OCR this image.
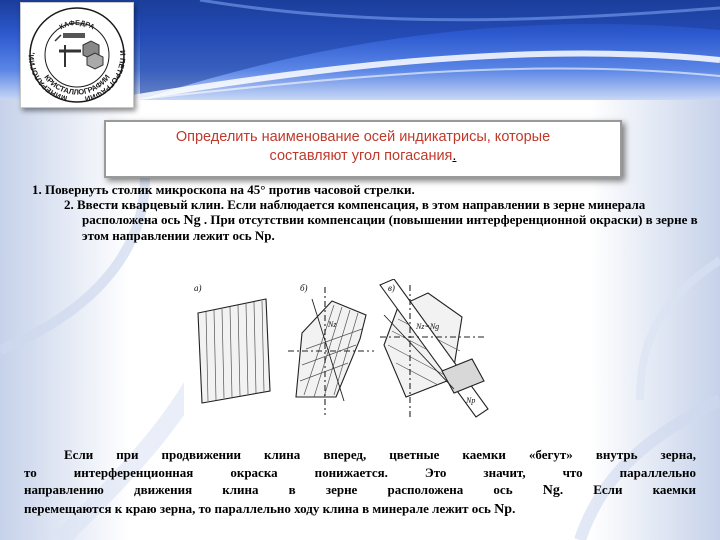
КАФЕДРА
МИНЕРАЛОГИИ,	И ПЕТРОГРАФИИ
КРИСТАЛЛОГРАФИИ
Определить наименование осей индикатрисы, которые
составляют угол погасания.
1. Повернуть столик микроскопа на 45° против часовой стрелки.
2. Ввести кварцевый клин. Если наблюдается компенсация, в этом направлении в зерне минерала расположена ось Ng . При отсутствии компенсации (повышении интерференционной окраски) в зерне в этом направлении лежит ось Np.
а)	б)	в)
Nz	Nz=Ng
Np
Если при продвижении клина вперед, цветные каемки «бегут» внутрь зерна,
то интерференционная окраска понижается. Это значит, что параллельно
направлению движения клина в зерне расположена ось Ng. Если каемки
перемещаются к краю зерна, то параллельно ходу клина в минерале лежит ось Np.
